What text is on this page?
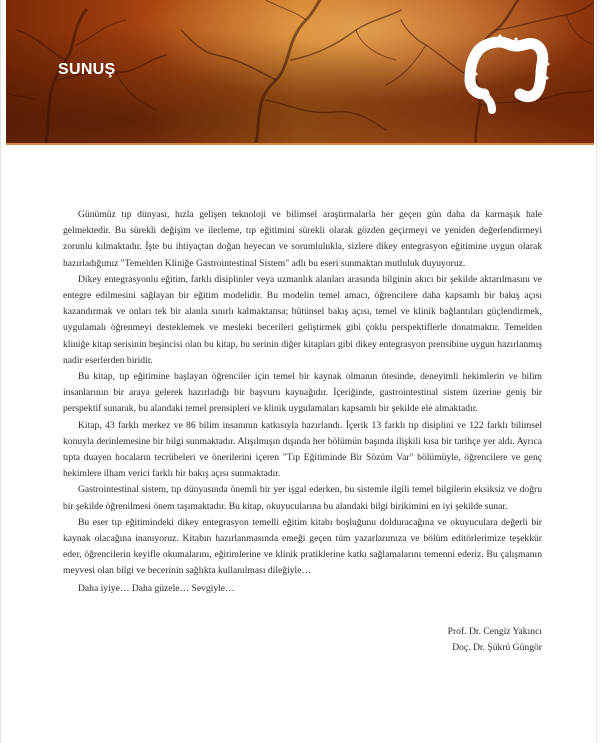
SUNUŞ

Günümüz tıp dünyası, hızla gelişen teknoloji ve bilimsel araştırmalarla her geçen gün daha da karmaşık hale gelmektedir. Bu sürekli değişim ve ilerleme, tıp eğitimini sürekli olarak gözden geçirmeyi ve yeniden değerlendirmeyi zorunlu kılmaktadır. İşte bu ihtiyaçtan doğan heyecan ve sorumlulukla, sizlere dikey entegrasyon eğitimine uygun olarak hazırladığımız "Temelden Kliniğe Gastrointestinal Sistem" adlı bu eseri sunmaktan mutluluk duyuyoruz.

Dikey entegrasyonlu eğitim, farklı disiplinler veya uzmanlık alanları arasında bilginin akıcı bir şekilde aktarılmasını ve entegre edilmesini sağlayan bir eğitim modelidir. Bu modelin temel amacı, öğrencilere daha kapsamlı bir bakış açısı kazandırmak ve onları tek bir alanla sınırlı kalmaktansa; bütünsel bakış açısı, temel ve klinik bağlantıları güçlendirmek, uygulamalı öğrenmeyi desteklemek ve mesleki becerileri geliştirmek gibi çoklu perspektiflerle donatmaktır. Temelden kliniğe kitap serisinin beşincisi olan bu kitap, bu serinin diğer kitapları gibi dikey entegrasyon prensibine uygun hazırlanmış nadir eserlerden biridir.

Bu kitap, tıp eğitimine başlayan öğrenciler için temel bir kaynak olmanın ötesinde, deneyimli hekimlerin ve bilim insanlarının bir araya gelerek hazırladığı bir başvuru kaynağıdır. İçeriğinde, gastrointestinal sistem üzerine geniş bir perspektif sunarak, bu alandaki temel prensipleri ve klinik uygulamaları kapsamlı bir şekilde ele almaktadır.

Kitap, 43 farklı merkez ve 86 bilim insanının katkısıyla hazırlandı. İçerik 13 farklı tıp disiplini ve 122 farklı bilimsel konuyla derinlemesine bir bilgi sunmaktadır. Alışılmışın dışında her bölümün başında ilişkili kısa bir tarihçe yer aldı. Ayrıca tıpta duayen hocaların tecrübeleri ve önerilerini içeren "Tıp Eğitiminde Bir Sözüm Var" bölümüyle, öğrencilere ve genç hekimlere ilham verici farklı bir bakış açısı sunmaktadır.

Gastrointestinal sistem, tıp dünyasında önemli bir yer işgal ederken, bu sistemle ilgili temel bilgilerin eksiksiz ve doğru bir şekilde öğrenilmesi önem taşımaktadır. Bu kitap, okuyucularına bu alandaki bilgi birikimini en iyi şekilde sunar.

Bu eser tıp eğitimindeki dikey entegrasyon temelli eğitim kitabı boşluğunu dolduracağına ve okuyuculara değerli bir kaynak olacağına inanıyoruz. Kitabın hazırlanmasında emeği geçen tüm yazarlarımıza ve bölüm editörlerimize teşekkür eder, öğrencilerin keyifle okumalarını, eğitimlerine ve klinik pratiklerine katkı sağlamalarını temenni ederiz. Bu çalışmanın meyvesi olan bilgi ve becerinin sağlıkta kullanılması dileğiyle…

Daha iyiye… Daha güzele… Sevgiyle…

Prof. Dr. Cengiz Yakıncı
Doç. Dr. Şükrü Güngör
